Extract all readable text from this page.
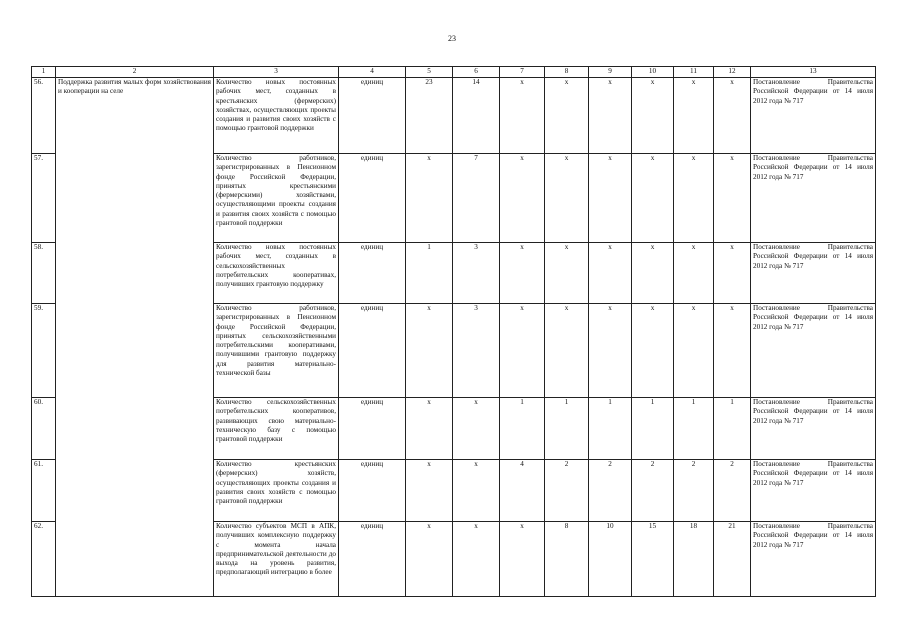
23
1	2	3	4	5	6	7	8	9	10	11	12	13
56.	Поддержка развития малых форм хозяйствования и кооперации на селе	Количество новых постоянных рабочих мест, созданных в крестьянских (фермерских) хозяйствах, осуществляющих проекты создания и развития своих хозяйств с помощью грантовой поддержки	единиц	23	14	х	х	х	х	х	х	Постановление Правительства Российской Федерации от 14 июля 2012 года № 717
57.		Количество работников, зарегистрированных в Пенсионном фонде Российской Федерации, принятых крестьянскими (фермерскими) хозяйствами, осуществляющими проекты создания и развития своих хозяйств с помощью грантовой поддержки	единиц	х	7	х	х	х	х	х	х	Постановление Правительства Российской Федерации от 14 июля 2012 года № 717
58.		Количество новых постоянных рабочих мест, созданных в сельскохозяйственных потребительских кооперативах, получивших грантовую поддержку	единиц	1	3	х	х	х	х	х	х	Постановление Правительства Российской Федерации от 14 июля 2012 года № 717
59.		Количество работников, зарегистрированных в Пенсионном фонде Российской Федерации, принятых сельскохозяйственными потребительскими кооперативами, получившими грантовую поддержку для развития материально-технической базы	единиц	х	3	х	х	х	х	х	х	Постановление Правительства Российской Федерации от 14 июля 2012 года № 717
60.		Количество сельскохозяйственных потребительских кооперативов, развивающих свою материально-техническую базу с помощью грантовой поддержки	единиц	х	х	1	1	1	1	1	1	Постановление Правительства Российской Федерации от 14 июля 2012 года № 717
61.		Количество крестьянских (фермерских) хозяйств, осуществляющих проекты создания и развития своих хозяйств с помощью грантовой поддержки	единиц	х	х	4	2	2	2	2	2	Постановление Правительства Российской Федерации от 14 июля 2012 года № 717
62.		Количество субъектов МСП в АПК, получивших комплексную поддержку с момента начала предпринимательской деятельности до выхода на уровень развития, предполагающий интеграцию в более	единиц	х	х	х	8	10	15	18	21	Постановление Правительства Российской Федерации от 14 июля 2012 года № 717
